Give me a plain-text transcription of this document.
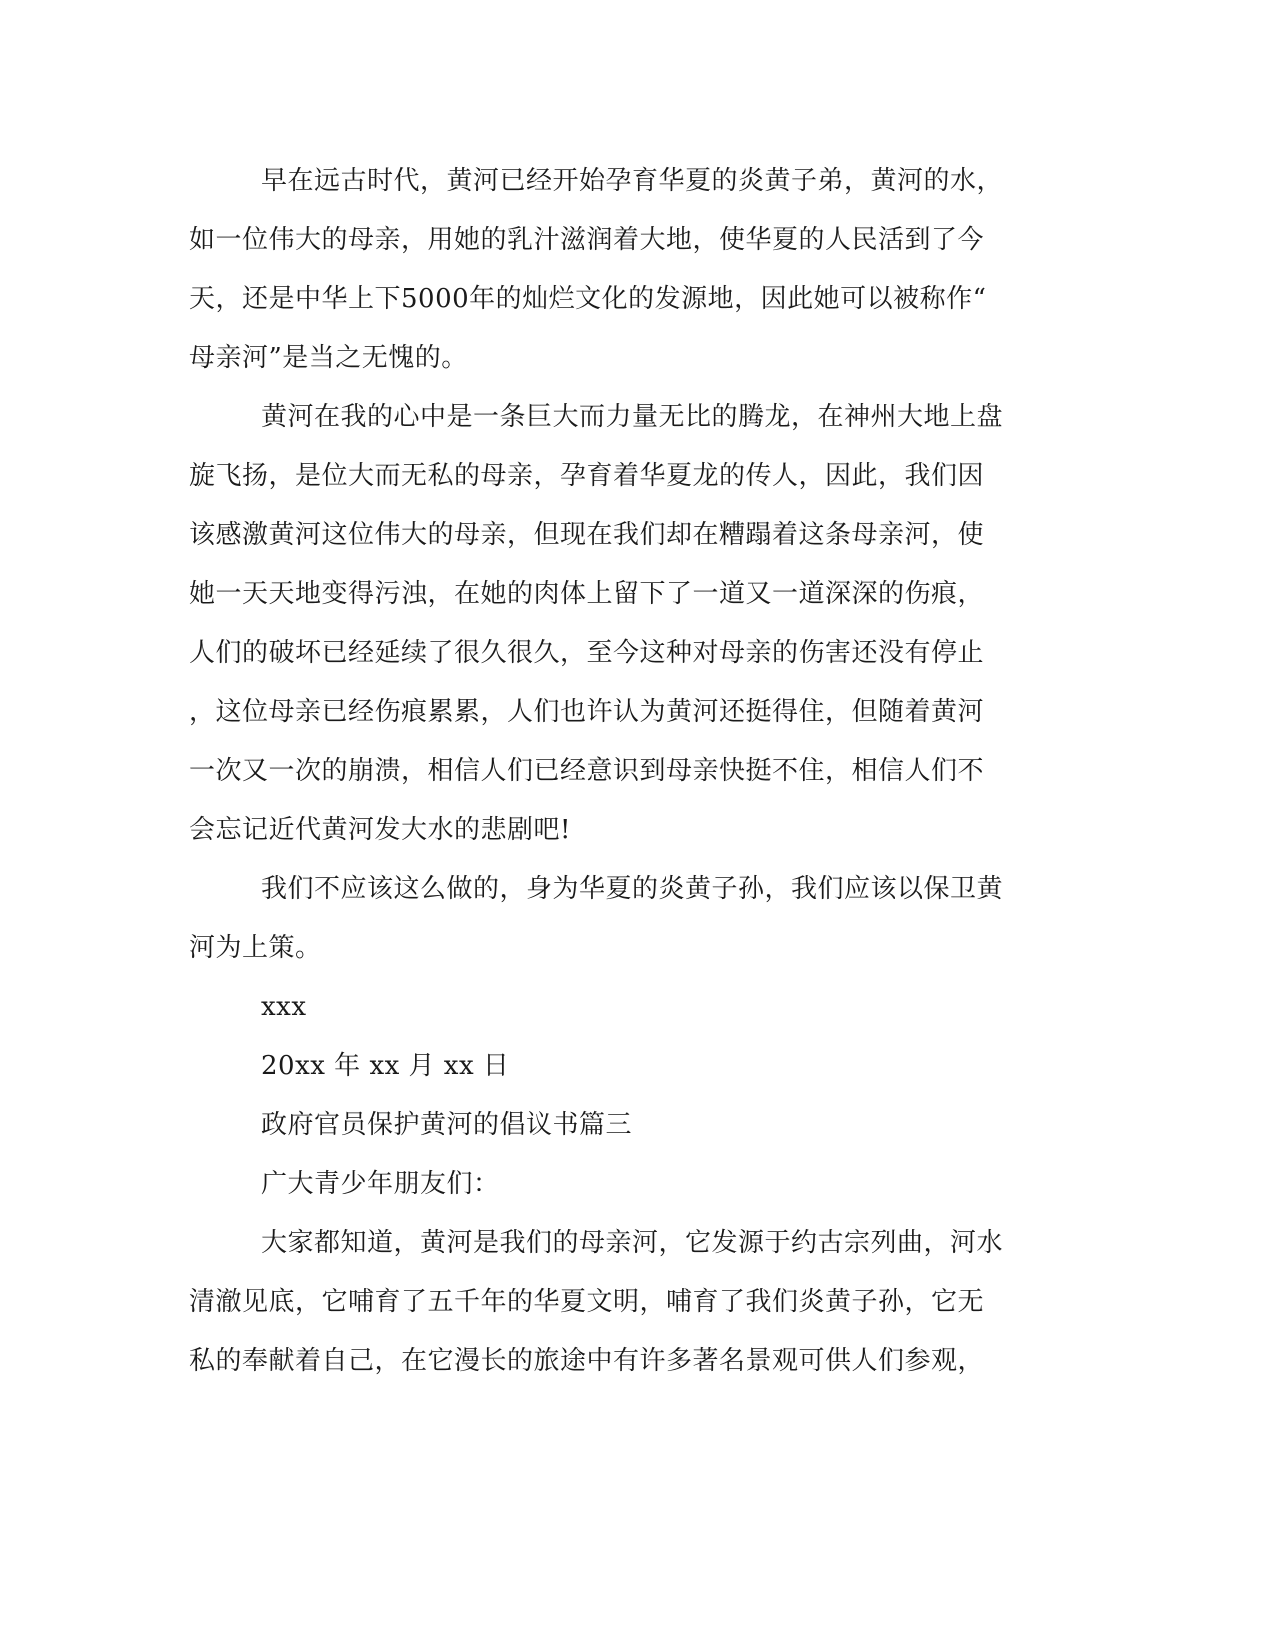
早在远古时代，黄河已经开始孕育华夏的炎黄子弟，黄河的水，
如一位伟大的母亲，用她的乳汁滋润着大地，使华夏的人民活到了今
天，还是中华上下5000年的灿烂文化的发源地，因此她可以被称作“
母亲河”是当之无愧的。
黄河在我的心中是一条巨大而力量无比的腾龙，在神州大地上盘
旋飞扬，是位大而无私的母亲，孕育着华夏龙的传人，因此，我们因
该感激黄河这位伟大的母亲，但现在我们却在糟蹋着这条母亲河，使
她一天天地变得污浊，在她的肉体上留下了一道又一道深深的伤痕，
人们的破坏已经延续了很久很久，至今这种对母亲的伤害还没有停止
，这位母亲已经伤痕累累，人们也许认为黄河还挺得住，但随着黄河
一次又一次的崩溃，相信人们已经意识到母亲快挺不住，相信人们不
会忘记近代黄河发大水的悲剧吧!
我们不应该这么做的，身为华夏的炎黄子孙，我们应该以保卫黄
河为上策。
xxx
20xx 年 xx 月 xx 日
政府官员保护黄河的倡议书篇三
广大青少年朋友们：
大家都知道，黄河是我们的母亲河，它发源于约古宗列曲，河水
清澈见底，它哺育了五千年的华夏文明，哺育了我们炎黄子孙，它无
私的奉献着自己，在它漫长的旅途中有许多著名景观可供人们参观，
